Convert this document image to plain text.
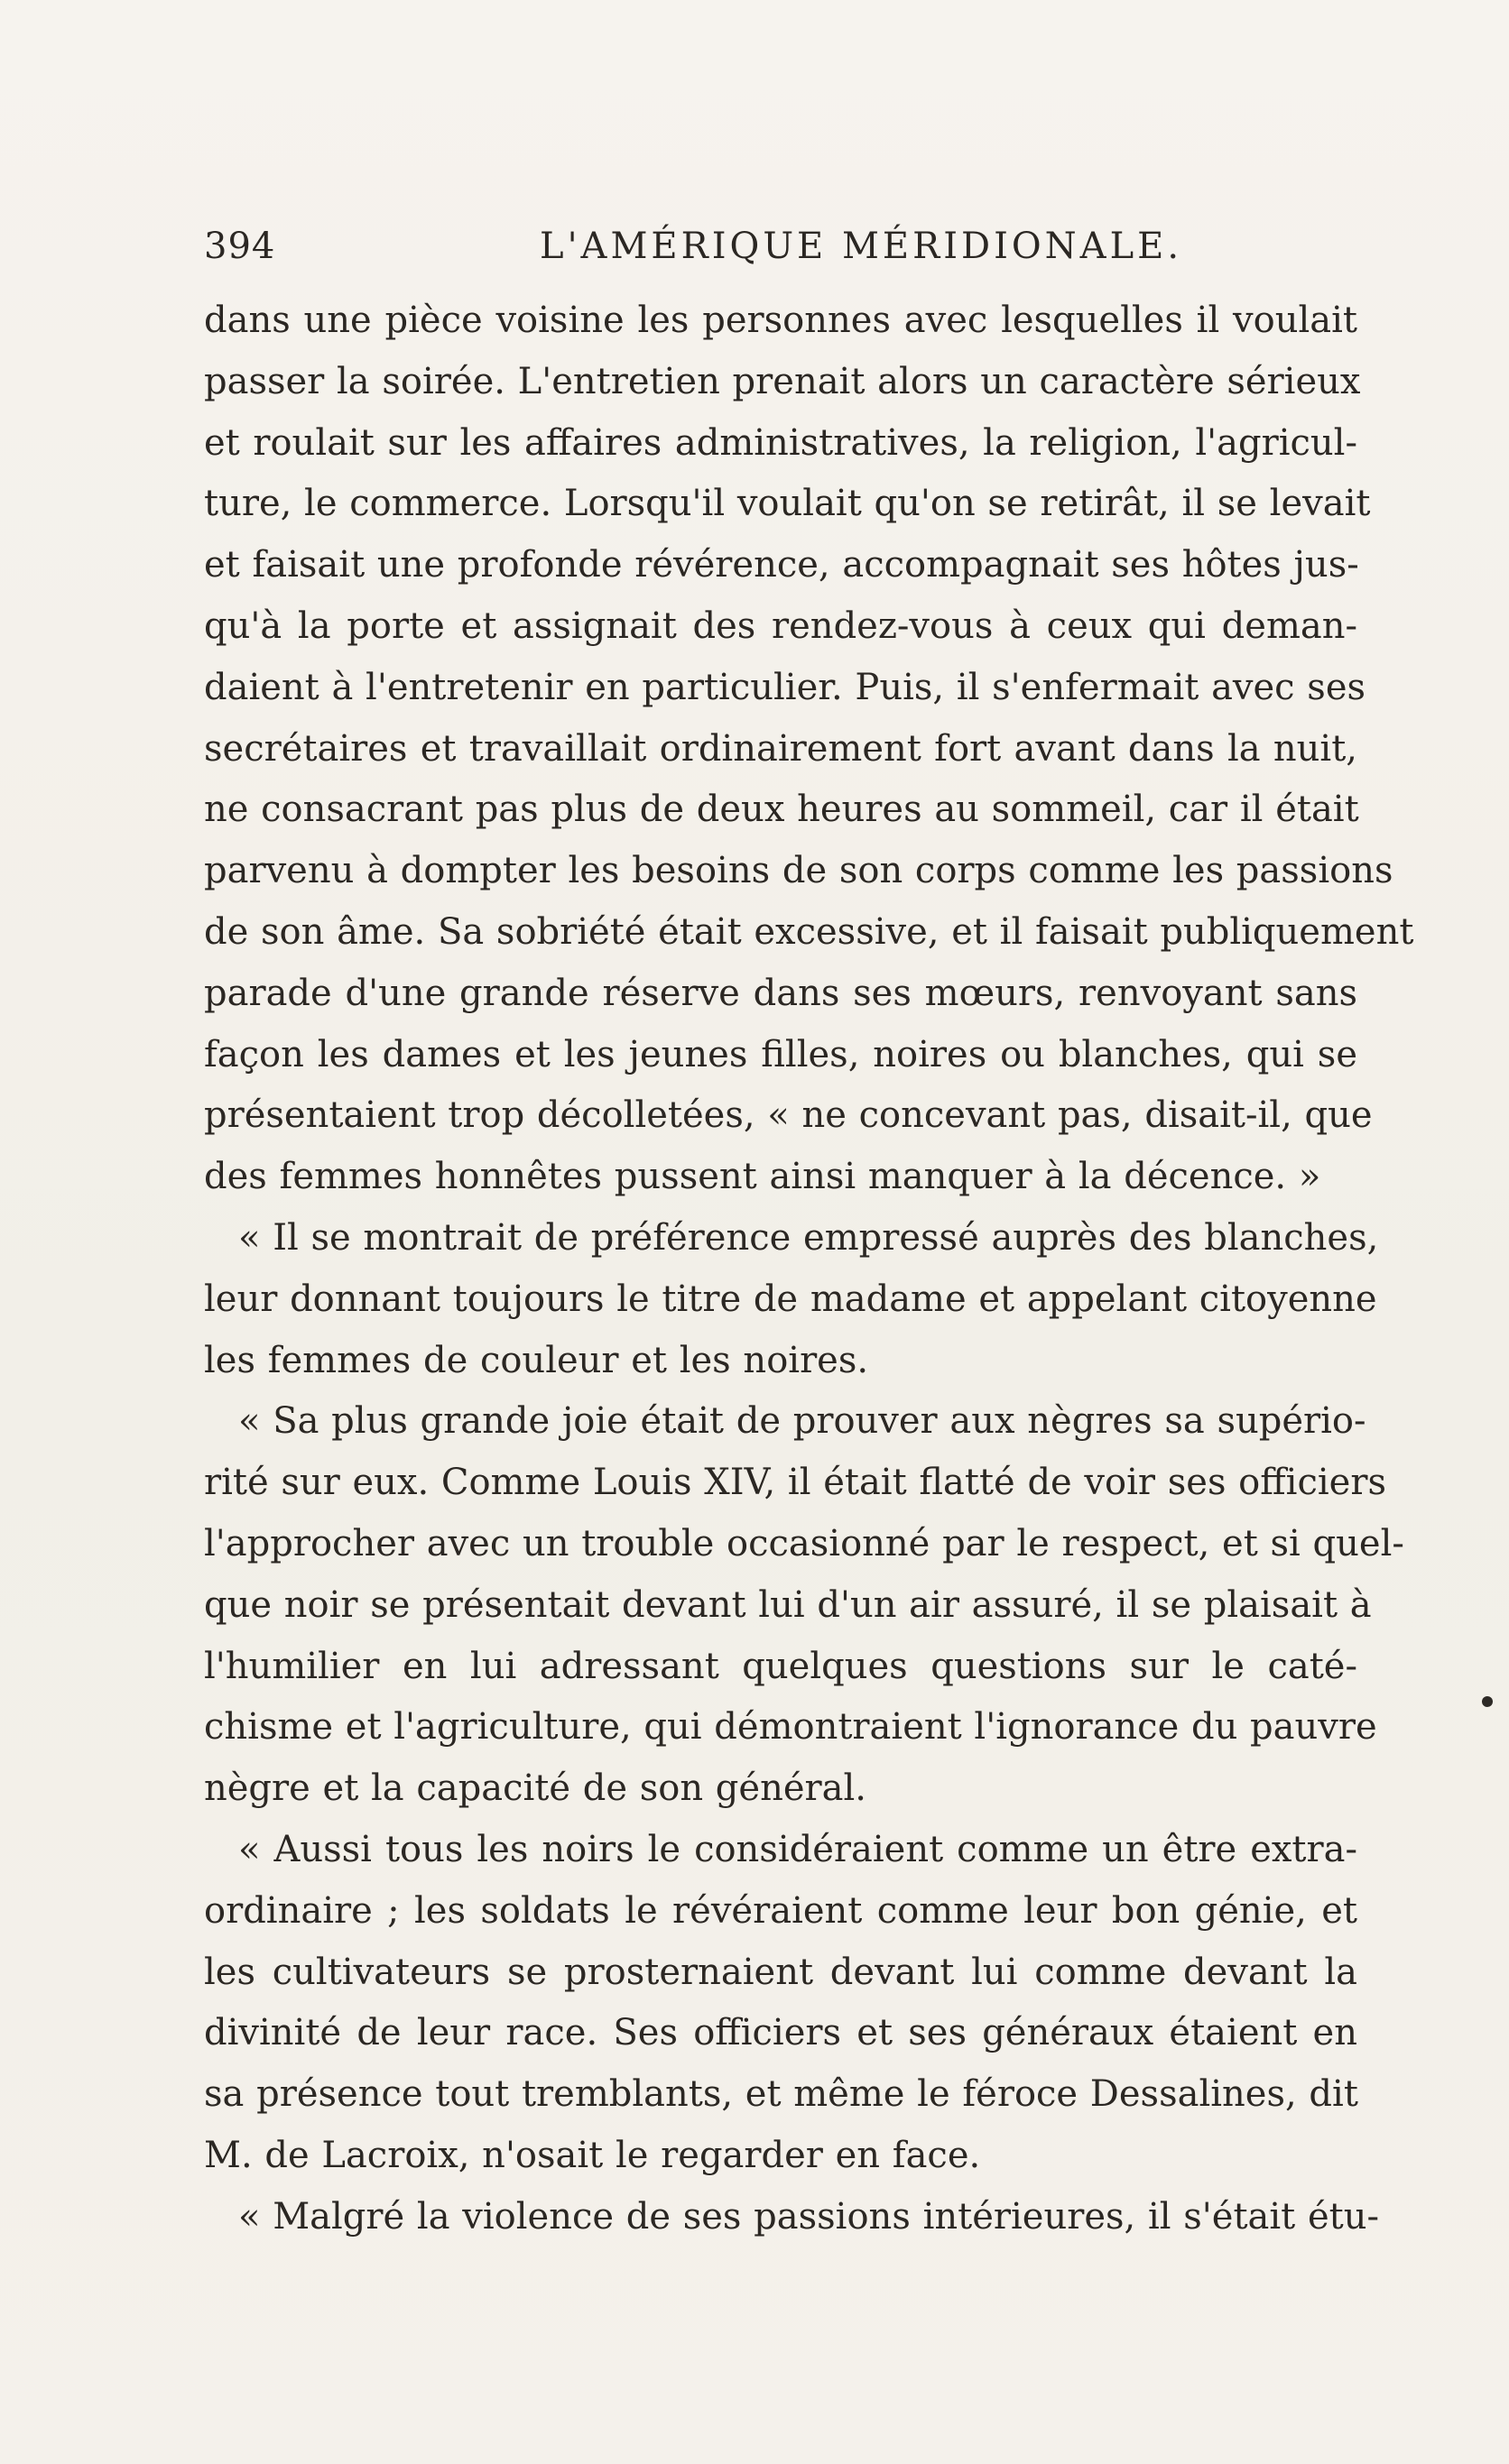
394	L'AMÉRIQUE MÉRIDIONALE.
dans une pièce voisine les personnes avec lesquelles il voulait
passer la soirée. L'entretien prenait alors un caractère sérieux
et roulait sur les affaires administratives, la religion, l'agricul-
ture, le commerce. Lorsqu'il voulait qu'on se retirât, il se levait
et faisait une profonde révérence, accompagnait ses hôtes jus-
qu'à la porte et assignait des rendez-vous à ceux qui deman-
daient à l'entretenir en particulier. Puis, il s'enfermait avec ses
secrétaires et travaillait ordinairement fort avant dans la nuit,
ne consacrant pas plus de deux heures au sommeil, car il était
parvenu à dompter les besoins de son corps comme les passions
de son âme. Sa sobriété était excessive, et il faisait publiquement
parade d'une grande réserve dans ses mœurs, renvoyant sans
façon les dames et les jeunes filles, noires ou blanches, qui se
présentaient trop décolletées, « ne concevant pas, disait-il, que
des femmes honnêtes pussent ainsi manquer à la décence. »
« Il se montrait de préférence empressé auprès des blanches,
leur donnant toujours le titre de madame et appelant citoyenne
les femmes de couleur et les noires.
« Sa plus grande joie était de prouver aux nègres sa supério-
rité sur eux. Comme Louis XIV, il était flatté de voir ses officiers
l'approcher avec un trouble occasionné par le respect, et si quel-
que noir se présentait devant lui d'un air assuré, il se plaisait à
l'humilier en lui adressant quelques questions sur le caté-
chisme et l'agriculture, qui démontraient l'ignorance du pauvre
nègre et la capacité de son général.
« Aussi tous les noirs le considéraient comme un être extra-
ordinaire ; les soldats le révéraient comme leur bon génie, et
les cultivateurs se prosternaient devant lui comme devant la
divinité de leur race. Ses officiers et ses généraux étaient en
sa présence tout tremblants, et même le féroce Dessalines, dit
M. de Lacroix, n'osait le regarder en face.
« Malgré la violence de ses passions intérieures, il s'était étu-
